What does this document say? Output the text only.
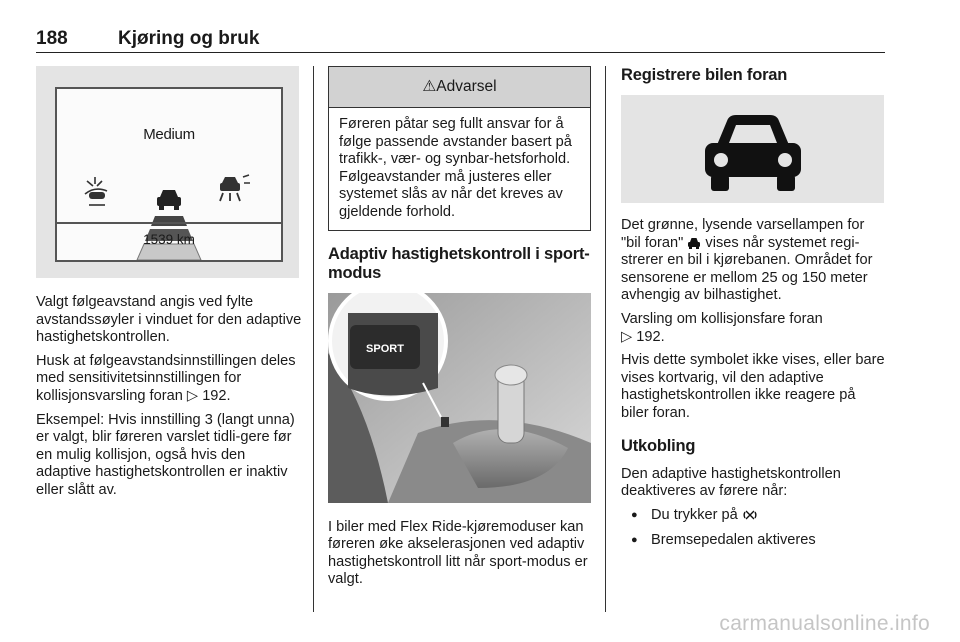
188	Kjøring og bruk
Medium
1539 km

Valgt følgeavstand angis ved fylte avstandssøyler i vinduet for den adaptive hastighetskontrollen.

Husk at følgeavstandsinnstillingen deles med sensitivitetsinnstillingen for kollisjonsvarsling foran ▷ 192.

Eksempel: Hvis innstilling 3 (langt unna) er valgt, blir føreren varslet tidli-gere før en mulig kollisjon, også hvis den adaptive hastighetskontrollen er inaktiv eller slått av.

⚠Advarsel
Føreren påtar seg fullt ansvar for å følge passende avstander basert på trafikk-, vær- og synbar-hetsforhold. Følgeavstander må justeres eller systemet slås av når det kreves av gjeldende forhold.
Adaptiv hastighetskontroll i sport-modus
SPORT

I biler med Flex Ride-kjøremoduser kan føreren øke akselerasjonen ved adaptiv hastighetskontroll litt når sport-modus er valgt.

Registrere bilen foran

Det grønne, lysende varsellampen for "bil foran" vises når systemet regi-strerer en bil i kjørebanen. Området for sensorene er mellom 25 og 150 meter avhengig av bilhastighet.

Varsling om kollisjonsfare foran
▷ 192.

Hvis dette symbolet ikke vises, eller bare vises kortvarig, vil den adaptive hastighetskontrollen ikke reagere på biler foran.

Utkobling

Den adaptive hastighetskontrollen deaktiveres av førere når:

● Du trykker på
● Bremsepedalen aktiveres
carmanualsonline.info
